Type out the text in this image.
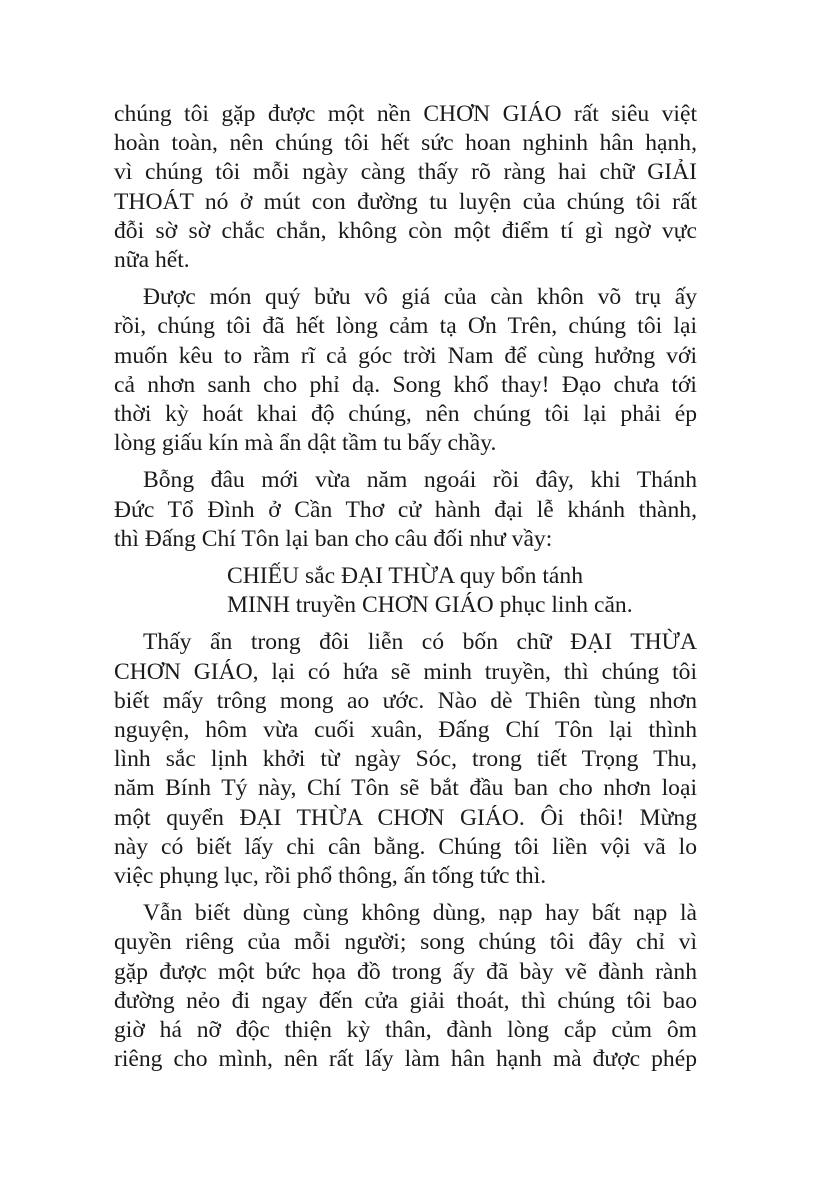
chúng tôi gặp được một nền CHƠN GIÁO rất siêu việt
hoàn toàn, nên chúng tôi hết sức hoan nghinh hân hạnh,
vì chúng tôi mỗi ngày càng thấy rõ ràng hai chữ GIẢI
THOÁT nó ở mút con đường tu luyện của chúng tôi rất
đỗi sờ sờ chắc chắn, không còn một điểm tí gì ngờ vực
nữa hết.
Được món quý bửu vô giá của càn khôn võ trụ ấy
rồi, chúng tôi đã hết lòng cảm tạ Ơn Trên, chúng tôi lại
muốn kêu to rầm rĩ cả góc trời Nam để cùng hưởng với
cả nhơn sanh cho phỉ dạ. Song khổ thay! Đạo chưa tới
thời kỳ hoát khai độ chúng, nên chúng tôi lại phải ép
lòng giấu kín mà ẩn dật tầm tu bấy chầy.
Bỗng đâu mới vừa năm ngoái rồi đây, khi Thánh
Đức Tổ Đình ở Cần Thơ cử hành đại lễ khánh thành,
thì Đấng Chí Tôn lại ban cho câu đối như vầy:
CHIẾU sắc ĐẠI THỪA quy bổn tánh
MINH truyền CHƠN GIÁO phục linh căn.
Thấy ẩn trong đôi liễn có bốn chữ ĐẠI THỪA
CHƠN GIÁO, lại có hứa sẽ minh truyền, thì chúng tôi
biết mấy trông mong ao ước. Nào dè Thiên tùng nhơn
nguyện, hôm vừa cuối xuân, Đấng Chí Tôn lại thình
lình sắc lịnh khởi từ ngày Sóc, trong tiết Trọng Thu,
năm Bính Tý này, Chí Tôn sẽ bắt đầu ban cho nhơn loại
một quyển ĐẠI THỪA CHƠN GIÁO. Ôi thôi! Mừng
này có biết lấy chi cân bằng. Chúng tôi liền vội vã lo
việc phụng lục, rồi phổ thông, ấn tống tức thì.
Vẫn biết dùng cùng không dùng, nạp hay bất nạp là
quyền riêng của mỗi người; song chúng tôi đây chỉ vì
gặp được một bức họa đồ trong ấy đã bày vẽ đành rành
đường nẻo đi ngay đến cửa giải thoát, thì chúng tôi bao
giờ há nỡ độc thiện kỳ thân, đành lòng cắp củm ôm
riêng cho mình, nên rất lấy làm hân hạnh mà được phép
